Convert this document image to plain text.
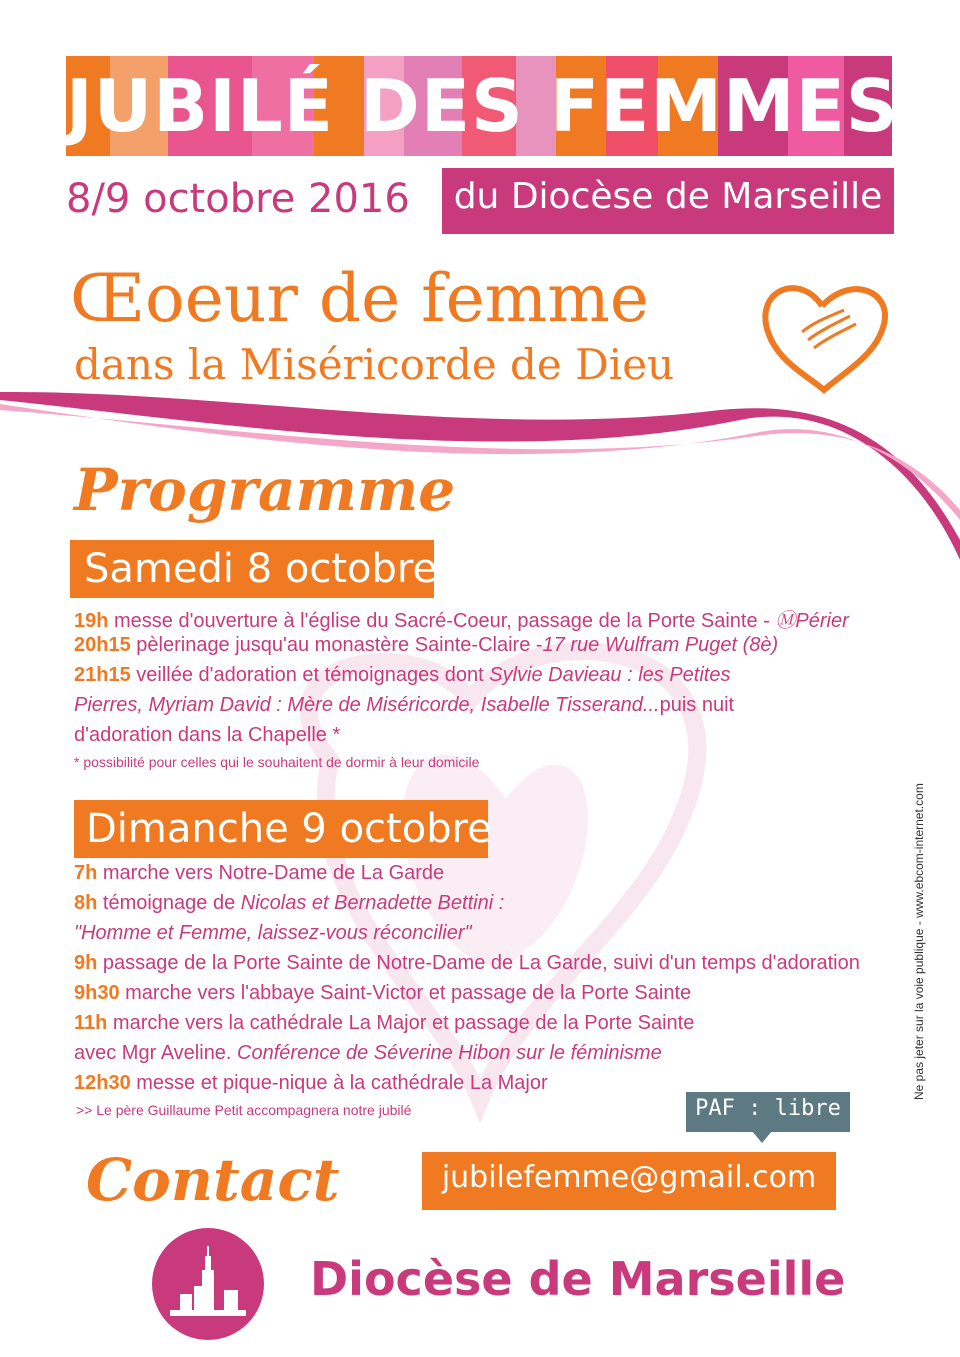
JUBILÉ DES FEMMES
8/9 octobre 2016	du Diocèse de Marseille
Œoeur de femme
dans la Miséricorde de Dieu
Programme
Samedi 8 octobre
19h messe d'ouverture à l'église du Sacré-Coeur, passage de la Porte Sainte - ⓂPérier
20h15 pèlerinage jusqu'au monastère Sainte-Claire -17 rue Wulfram Puget (8è)
21h15 veillée d'adoration et témoignages dont Sylvie Davieau : les Petites
Pierres, Myriam David : Mère de Miséricorde, Isabelle Tisserand...puis nuit
d'adoration dans la Chapelle *
* possibilité pour celles qui le souhaitent de dormir à leur domicile
Dimanche 9 octobre
7h marche vers Notre-Dame de La Garde
8h témoignage de Nicolas et Bernadette Bettini :
"Homme et Femme, laissez-vous réconcilier"
9h passage de la Porte Sainte de Notre-Dame de La Garde, suivi d'un temps d'adoration
9h30 marche vers l'abbaye Saint-Victor et passage de la Porte Sainte
11h marche vers la cathédrale La Major et passage de la Porte Sainte
avec Mgr Aveline. Conférence de Séverine Hibon sur le féminisme
12h30 messe et pique-nique à la cathédrale La Major
>> Le père Guillaume Petit accompagnera notre jubilé	PAF : libre
Contact	jubilefemme@gmail.com
Diocèse de Marseille
Ne pas jeter sur la voie publique - www.ebcom-internet.com
